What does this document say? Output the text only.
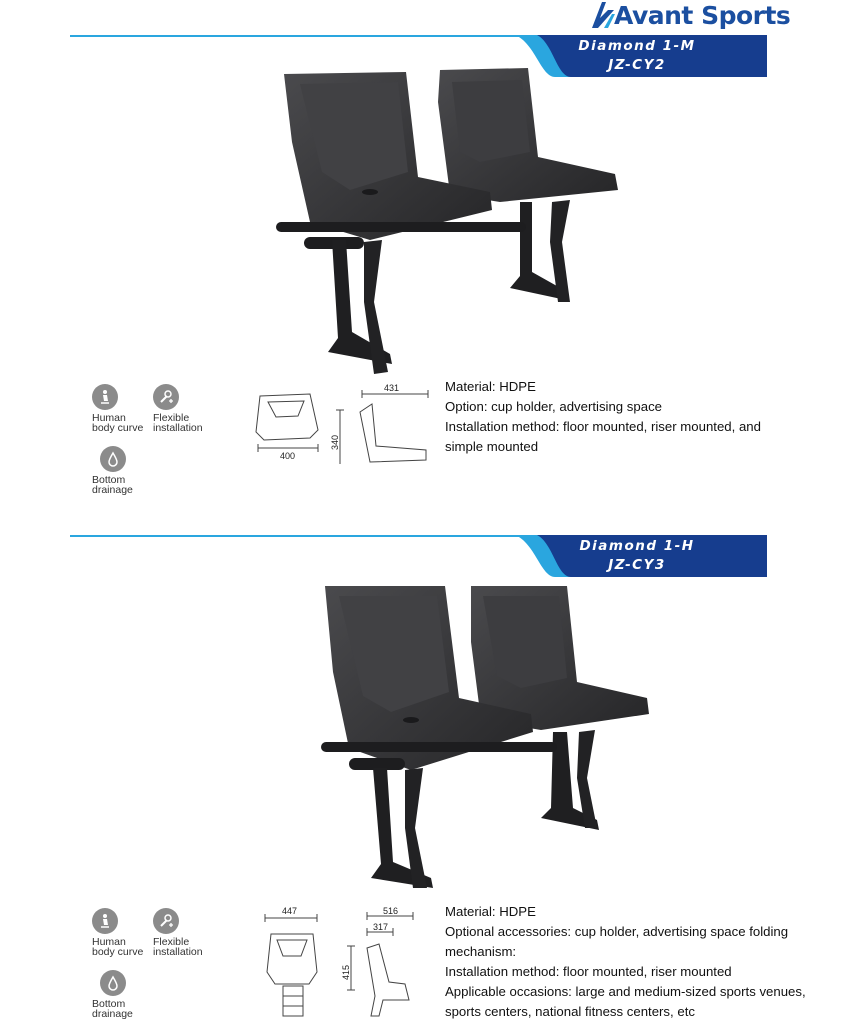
Avant Sports
Diamond 1-M
JZ-CY2
Human
body curve
Flexible
installation
Bottom
drainage
400
431
340

Material: HDPE

Option: cup holder, advertising space

Installation method: floor mounted, riser mounted, and simple mounted

Diamond 1-H
JZ-CY3
Human
body curve
Flexible
installation
Bottom
drainage
447	516
317
415

Material: HDPE

Optional accessories: cup holder, advertising space folding mechanism:

Installation method: floor mounted, riser mounted

Applicable occasions: large and medium-sized sports venues, sports centers, national fitness centers, etc
